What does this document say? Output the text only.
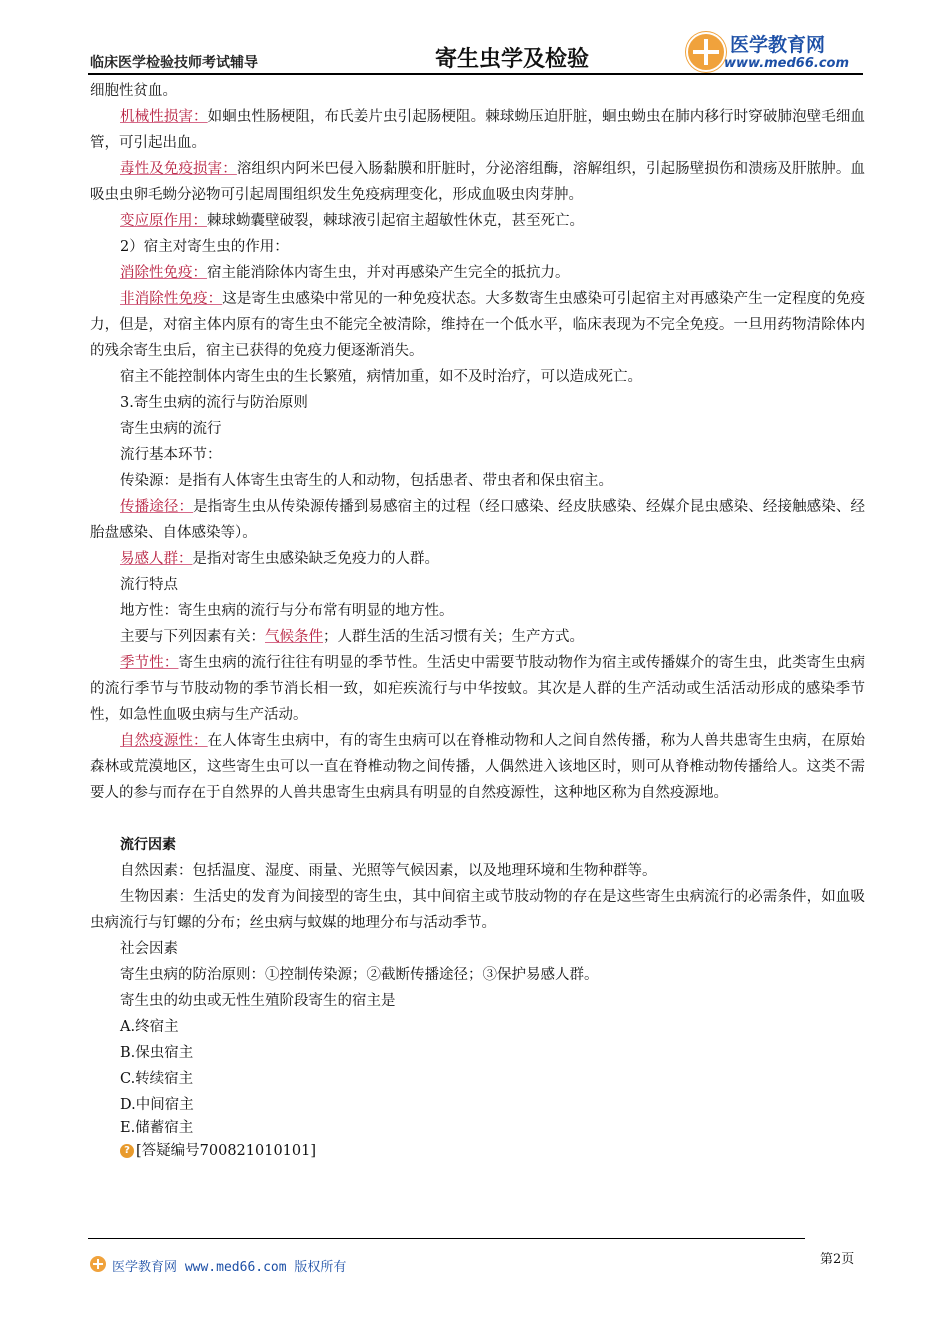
临床医学检验技师考试辅导	寄生虫学及检验
医学教育网
www.med66.com

细胞性贫血。

机械性损害：如蛔虫性肠梗阻，布氏姜片虫引起肠梗阻。棘球蚴压迫肝脏，蛔虫蚴虫在肺内移行时穿破肺泡壁毛细血管，可引起出血。

毒性及免疫损害：溶组织内阿米巴侵入肠黏膜和肝脏时，分泌溶组酶，溶解组织，引起肠壁损伤和溃疡及肝脓肿。血吸虫虫卵毛蚴分泌物可引起周围组织发生免疫病理变化，形成血吸虫肉芽肿。

变应原作用：棘球蚴囊壁破裂，棘球液引起宿主超敏性休克，甚至死亡。

2）宿主对寄生虫的作用：

消除性免疫：宿主能消除体内寄生虫，并对再感染产生完全的抵抗力。

非消除性免疫：这是寄生虫感染中常见的一种免疫状态。大多数寄生虫感染可引起宿主对再感染产生一定程度的免疫力，但是，对宿主体内原有的寄生虫不能完全被清除，维持在一个低水平，临床表现为不完全免疫。一旦用药物清除体内的残余寄生虫后，宿主已获得的免疫力便逐渐消失。

宿主不能控制体内寄生虫的生长繁殖，病情加重，如不及时治疗，可以造成死亡。

3.寄生虫病的流行与防治原则

寄生虫病的流行

流行基本环节：

传染源：是指有人体寄生虫寄生的人和动物，包括患者、带虫者和保虫宿主。

传播途径：是指寄生虫从传染源传播到易感宿主的过程（经口感染、经皮肤感染、经媒介昆虫感染、经接触感染、经胎盘感染、自体感染等）。

易感人群：是指对寄生虫感染缺乏免疫力的人群。

流行特点

地方性：寄生虫病的流行与分布常有明显的地方性。

主要与下列因素有关：气候条件；人群生活的生活习惯有关；生产方式。

季节性：寄生虫病的流行往往有明显的季节性。生活史中需要节肢动物作为宿主或传播媒介的寄生虫，此类寄生虫病的流行季节与节肢动物的季节消长相一致，如疟疾流行与中华按蚊。其次是人群的生产活动或生活活动形成的感染季节性，如急性血吸虫病与生产活动。

自然疫源性：在人体寄生虫病中，有的寄生虫病可以在脊椎动物和人之间自然传播，称为人兽共患寄生虫病，在原始森林或荒漠地区，这些寄生虫可以一直在脊椎动物之间传播，人偶然进入该地区时，则可从脊椎动物传播给人。这类不需要人的参与而存在于自然界的人兽共患寄生虫病具有明显的自然疫源性，这种地区称为自然疫源地。

流行因素

自然因素：包括温度、湿度、雨量、光照等气候因素，以及地理环境和生物种群等。

生物因素：生活史的发育为间接型的寄生虫，其中间宿主或节肢动物的存在是这些寄生虫病流行的必需条件，如血吸虫病流行与钉螺的分布；丝虫病与蚊媒的地理分布与活动季节。

社会因素

寄生虫病的防治原则：①控制传染源；②截断传播途径；③保护易感人群。

寄生虫的幼虫或无性生殖阶段寄生的宿主是

A.终宿主

B.保虫宿主

C.转续宿主

D.中间宿主

E.储蓄宿主

? [答疑编号700821010101]
医学教育网 www.med66.com 版权所有
第2页
